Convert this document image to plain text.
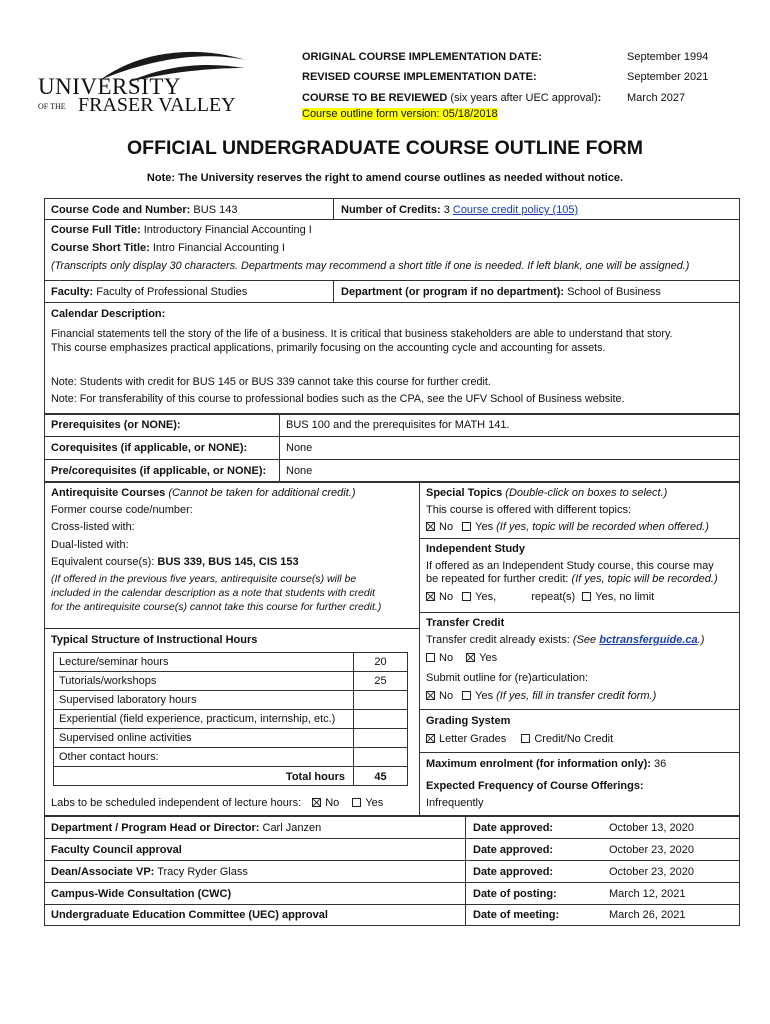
UNIVERSITY
OF THE FRASER VALLEY
ORIGINAL COURSE IMPLEMENTATION DATE:	September 1994
REVISED COURSE IMPLEMENTATION DATE:	September 2021
COURSE TO BE REVIEWED (six years after UEC approval): March 2027
Course outline form version: 05/18/2018
OFFICIAL UNDERGRADUATE COURSE OUTLINE FORM
Note: The University reserves the right to amend course outlines as needed without notice.
Course Code and Number: BUS 143	Number of Credits: 3 Course credit policy (105)
Course Full Title: Introductory Financial Accounting I
Course Short Title: Intro Financial Accounting I
(Transcripts only display 30 characters. Departments may recommend a short title if one is needed. If left blank, one will be assigned.)
Faculty: Faculty of Professional Studies	Department (or program if no department): School of Business
Calendar Description:
Financial statements tell the story of the life of a business. It is critical that business stakeholders are able to understand that story.
This course emphasizes practical applications, primarily focusing on the accounting cycle and accounting for assets.
Note: Students with credit for BUS 145 or BUS 339 cannot take this course for further credit.
Note: For transferability of this course to professional bodies such as the CPA, see the UFV School of Business website.
Prerequisites (or NONE):	BUS 100 and the prerequisites for MATH 141.
Corequisites (if applicable, or NONE):	None
Pre/corequisites (if applicable, or NONE): None
Antirequisite Courses (Cannot be taken for additional credit.)
Former course code/number:
Cross-listed with:
Dual-listed with:
Equivalent course(s): BUS 339, BUS 145, CIS 153
(If offered in the previous five years, antirequisite course(s) will be
included in the calendar description as a note that students with credit
for the antirequisite course(s) cannot take this course for further credit.)
Typical Structure of Instructional Hours
Lecture/seminar hours	20
Tutorials/workshops	25
Supervised laboratory hours
Experiential (field experience, practicum, internship, etc.)
Supervised online activities
Other contact hours:
Total hours	45
Labs to be scheduled independent of lecture hours: No Yes
Special Topics (Double-click on boxes to select.)
This course is offered with different topics:
No Yes (If yes, topic will be recorded when offered.)
Independent Study
If offered as an Independent Study course, this course may
be repeated for further credit: (If yes, topic will be recorded.)
No Yes,	repeat(s) Yes, no limit
Transfer Credit
Transfer credit already exists: (See bctransferguide.ca.)
No Yes
Submit outline for (re)articulation:
No Yes (If yes, fill in transfer credit form.)
Grading System
Letter Grades	Credit/No Credit
Maximum enrolment (for information only): 36
Expected Frequency of Course Offerings:
Infrequently
Department / Program Head or Director: Carl Janzen	Date approved:	October 13, 2020
Faculty Council approval	Date approved:	October 23, 2020
Dean/Associate VP: Tracy Ryder Glass	Date approved:	October 23, 2020
Campus-Wide Consultation (CWC)	Date of posting:	March 12, 2021
Undergraduate Education Committee (UEC) approval	Date of meeting:	March 26, 2021
